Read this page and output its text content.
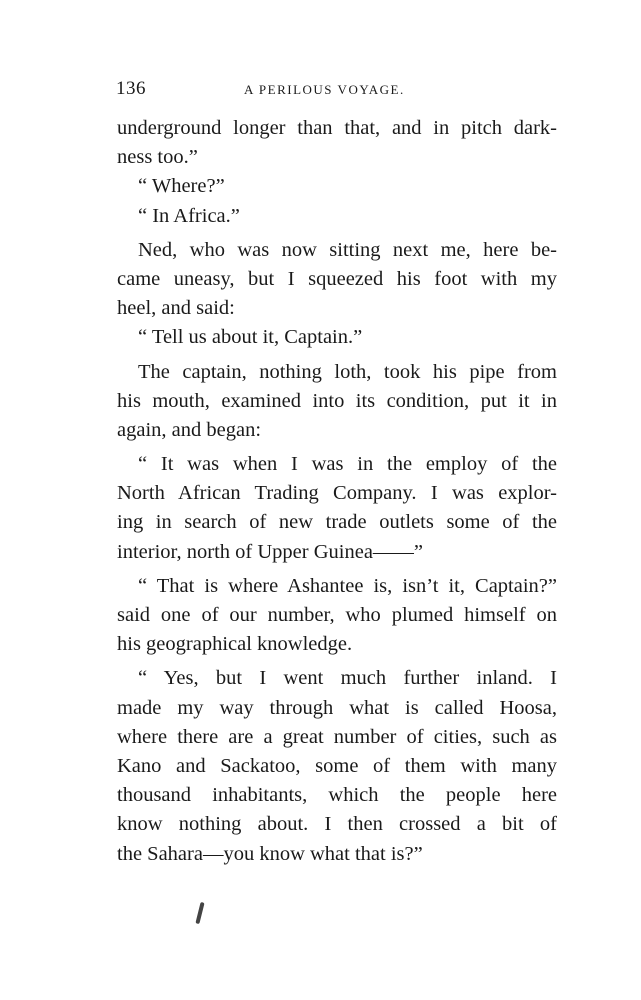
136	A PERILOUS VOYAGE.
underground longer than that, and in pitch dark-
ness too.”
“ Where?”
“ In Africa.”
Ned, who was now sitting next me, here be-
came uneasy, but I squeezed his foot with my
heel, and said:
“ Tell us about it, Captain.”
The captain, nothing loth, took his pipe from
his mouth, examined into its condition, put it in
again, and began:
“ It was when I was in the employ of the
North African Trading Company. I was explor-
ing in search of new trade outlets some of the
interior, north of Upper Guinea——”
“ That is where Ashantee is, isn’t it, Captain?”
said one of our number, who plumed himself on
his geographical knowledge.
“ Yes, but I went much further inland. I
made my way through what is called Hoosa,
where there are a great number of cities, such as
Kano and Sackatoo, some of them with many
thousand inhabitants, which the people here
know nothing about. I then crossed a bit of
the Sahara—you know what that is?”
